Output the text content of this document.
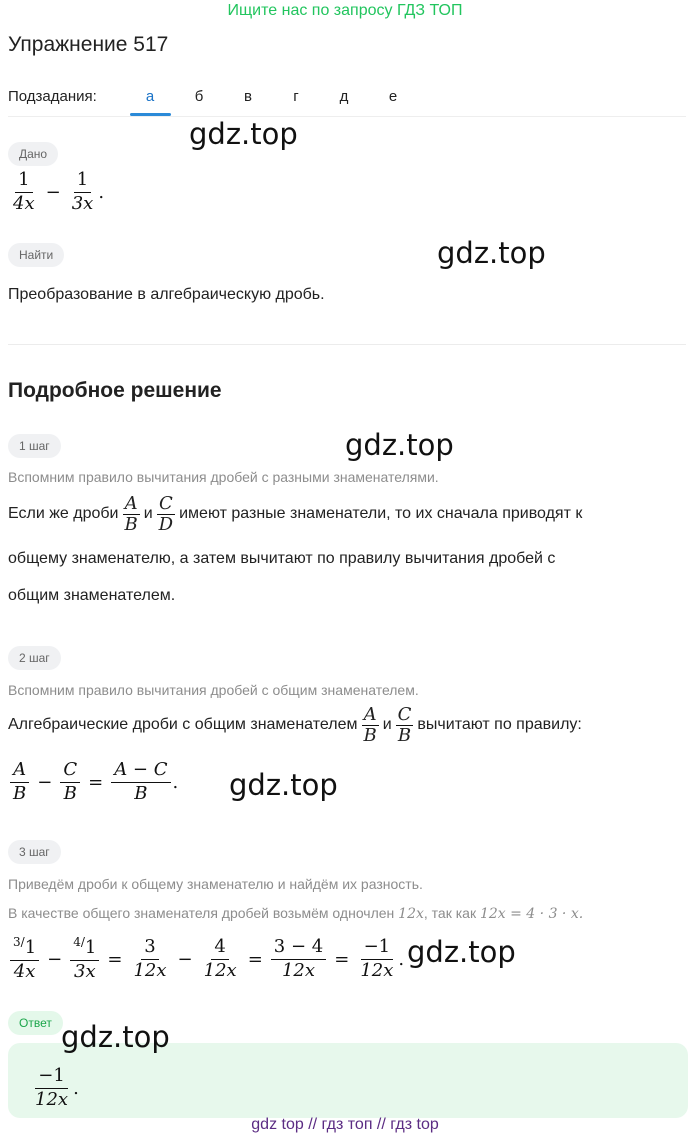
Ищите нас по запросу ГДЗ ТОП
Упражнение 517
Подзадания:	а	б	в	г	д	е
gdz.top
Дано
$\frac{1}{4x} - \frac{1}{3x}$ .
Найти	gdz.top
Преобразование в алгебраическую дробь.
Подробное решение
1 шаг	gdz.top
Вспомним правило вычитания дробей с разными знаменателями.
Если же дроби $\frac{A}{B}$ и $\frac{C}{D}$ имеют разные знаменатели, то их сначала приводят к
общему знаменателю, а затем вычитают по правилу вычитания дробей с
общим знаменателем.
2 шаг
Вспомним правило вычитания дробей с общим знаменателем.
Алгебраические дроби с общим знаменателем $\frac{A}{B}$ и $\frac{C}{B}$ вычитают по правилу:
$\frac{A}{B} - \frac{C}{B} = \frac{A - C}{B}$ . gdz.top
3 шаг
Приведём дроби к общему знаменателю и найдём их разность.
В качестве общего знаменателя дробей возьмём одночлен 12x, так как 12x = 4 · 3 · x.
$\frac{^{3/}1}{4x} - \frac{^{4/}1}{3x} = \frac{3}{12x} - \frac{4}{12x} = \frac{3 - 4}{12x} = \frac{-1}{12x}$ . gdz.top
Ответ gdz.top
$\frac{-1}{12x}$ .
gdz top // гдз топ // гдз top
